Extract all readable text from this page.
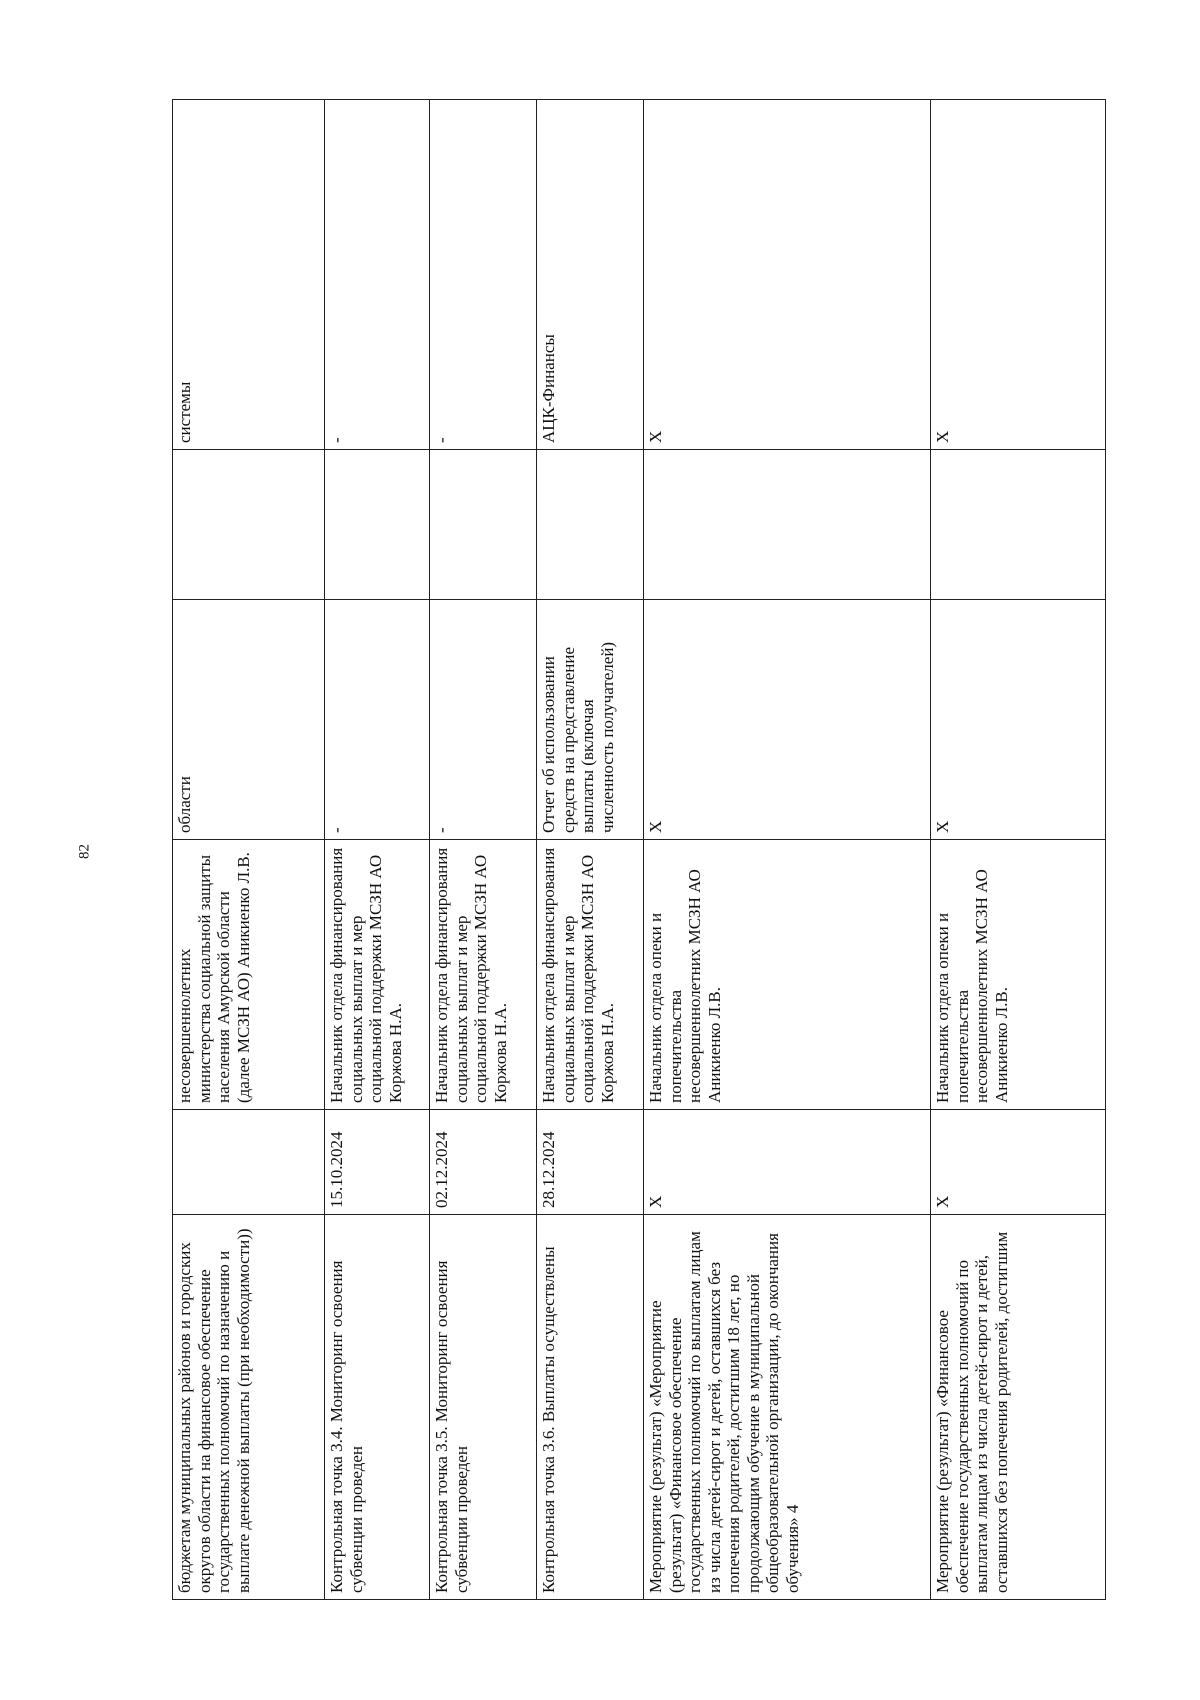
82
бюджетам муниципальных районов и городских округов области на финансовое обеспечение государственных полномочий по назначению и выплате денежной выплаты (при необходимости))		несовершеннолетних министерства социальной защиты населения Амурской области (далее МСЗН АО) Аникиенко Л.В.	области		системы

Контрольная точка 3.4. Мониторинг освоения субвенции проведен	15.10.2024	Начальник отдела финансирования социальных выплат и мер социальной поддержки МСЗН АО Коржова Н.А.	-		-

Контрольная точка 3.5. Мониторинг освоения субвенции проведен	02.12.2024	Начальник отдела финансирования социальных выплат и мер социальной поддержки МСЗН АО Коржова Н.А.	-		-

Контрольная точка 3.6. Выплаты осуществлены	28.12.2024	Начальник отдела финансирования социальных выплат и мер социальной поддержки МСЗН АО Коржова Н.А.	Отчет об использовании средств на представление выплаты (включая численность получателей)		АЦК-Финансы

Мероприятие (результат) «Мероприятие (результат) «Финансовое обеспечение государственных полномочий по выплатам лицам из числа детей-сирот и детей, оставшихся без попечения родителей, достигшим 18 лет, но продолжающим обучение в муниципальной общеобразовательной организации, до окончания обучения» 4	X	Начальник отдела опеки и попечительства несовершеннолетних МСЗН АО Аникиенко Л.В.	X		X

Мероприятие (результат) «Финансовое обеспечение государственных полномочий по выплатам лицам из числа детей-сирот и детей, оставшихся без попечения родителей, достигшим	X	Начальник отдела опеки и попечительства несовершеннолетних МСЗН АО Аникиенко Л.В.	X		X
